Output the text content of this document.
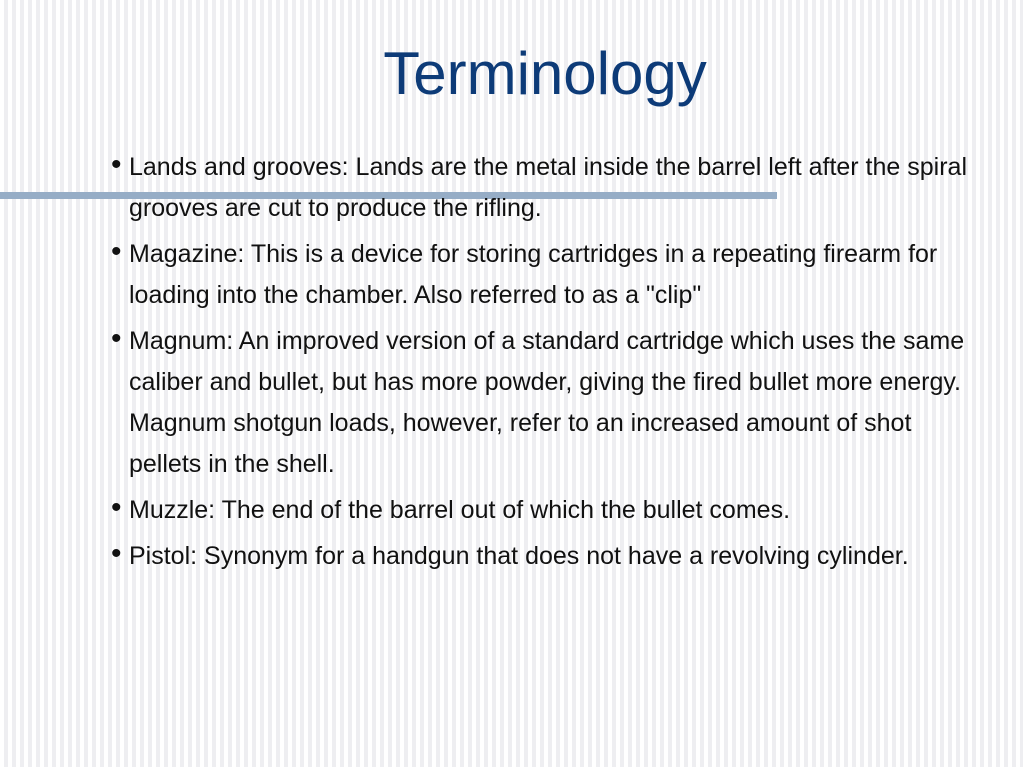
Terminology
• Lands and grooves: Lands are the metal inside the barrel left after the spiral grooves are cut to produce the rifling.
• Magazine: This is a device for storing cartridges in a repeating firearm for loading into the chamber. Also referred to as a "clip"
• Magnum: An improved version of a standard cartridge which uses the same caliber and bullet, but has more powder, giving the fired bullet more energy. Magnum shotgun loads, however, refer to an increased amount of shot pellets in the shell.
• Muzzle: The end of the barrel out of which the bullet comes.
• Pistol: Synonym for a handgun that does not have a revolving cylinder.
